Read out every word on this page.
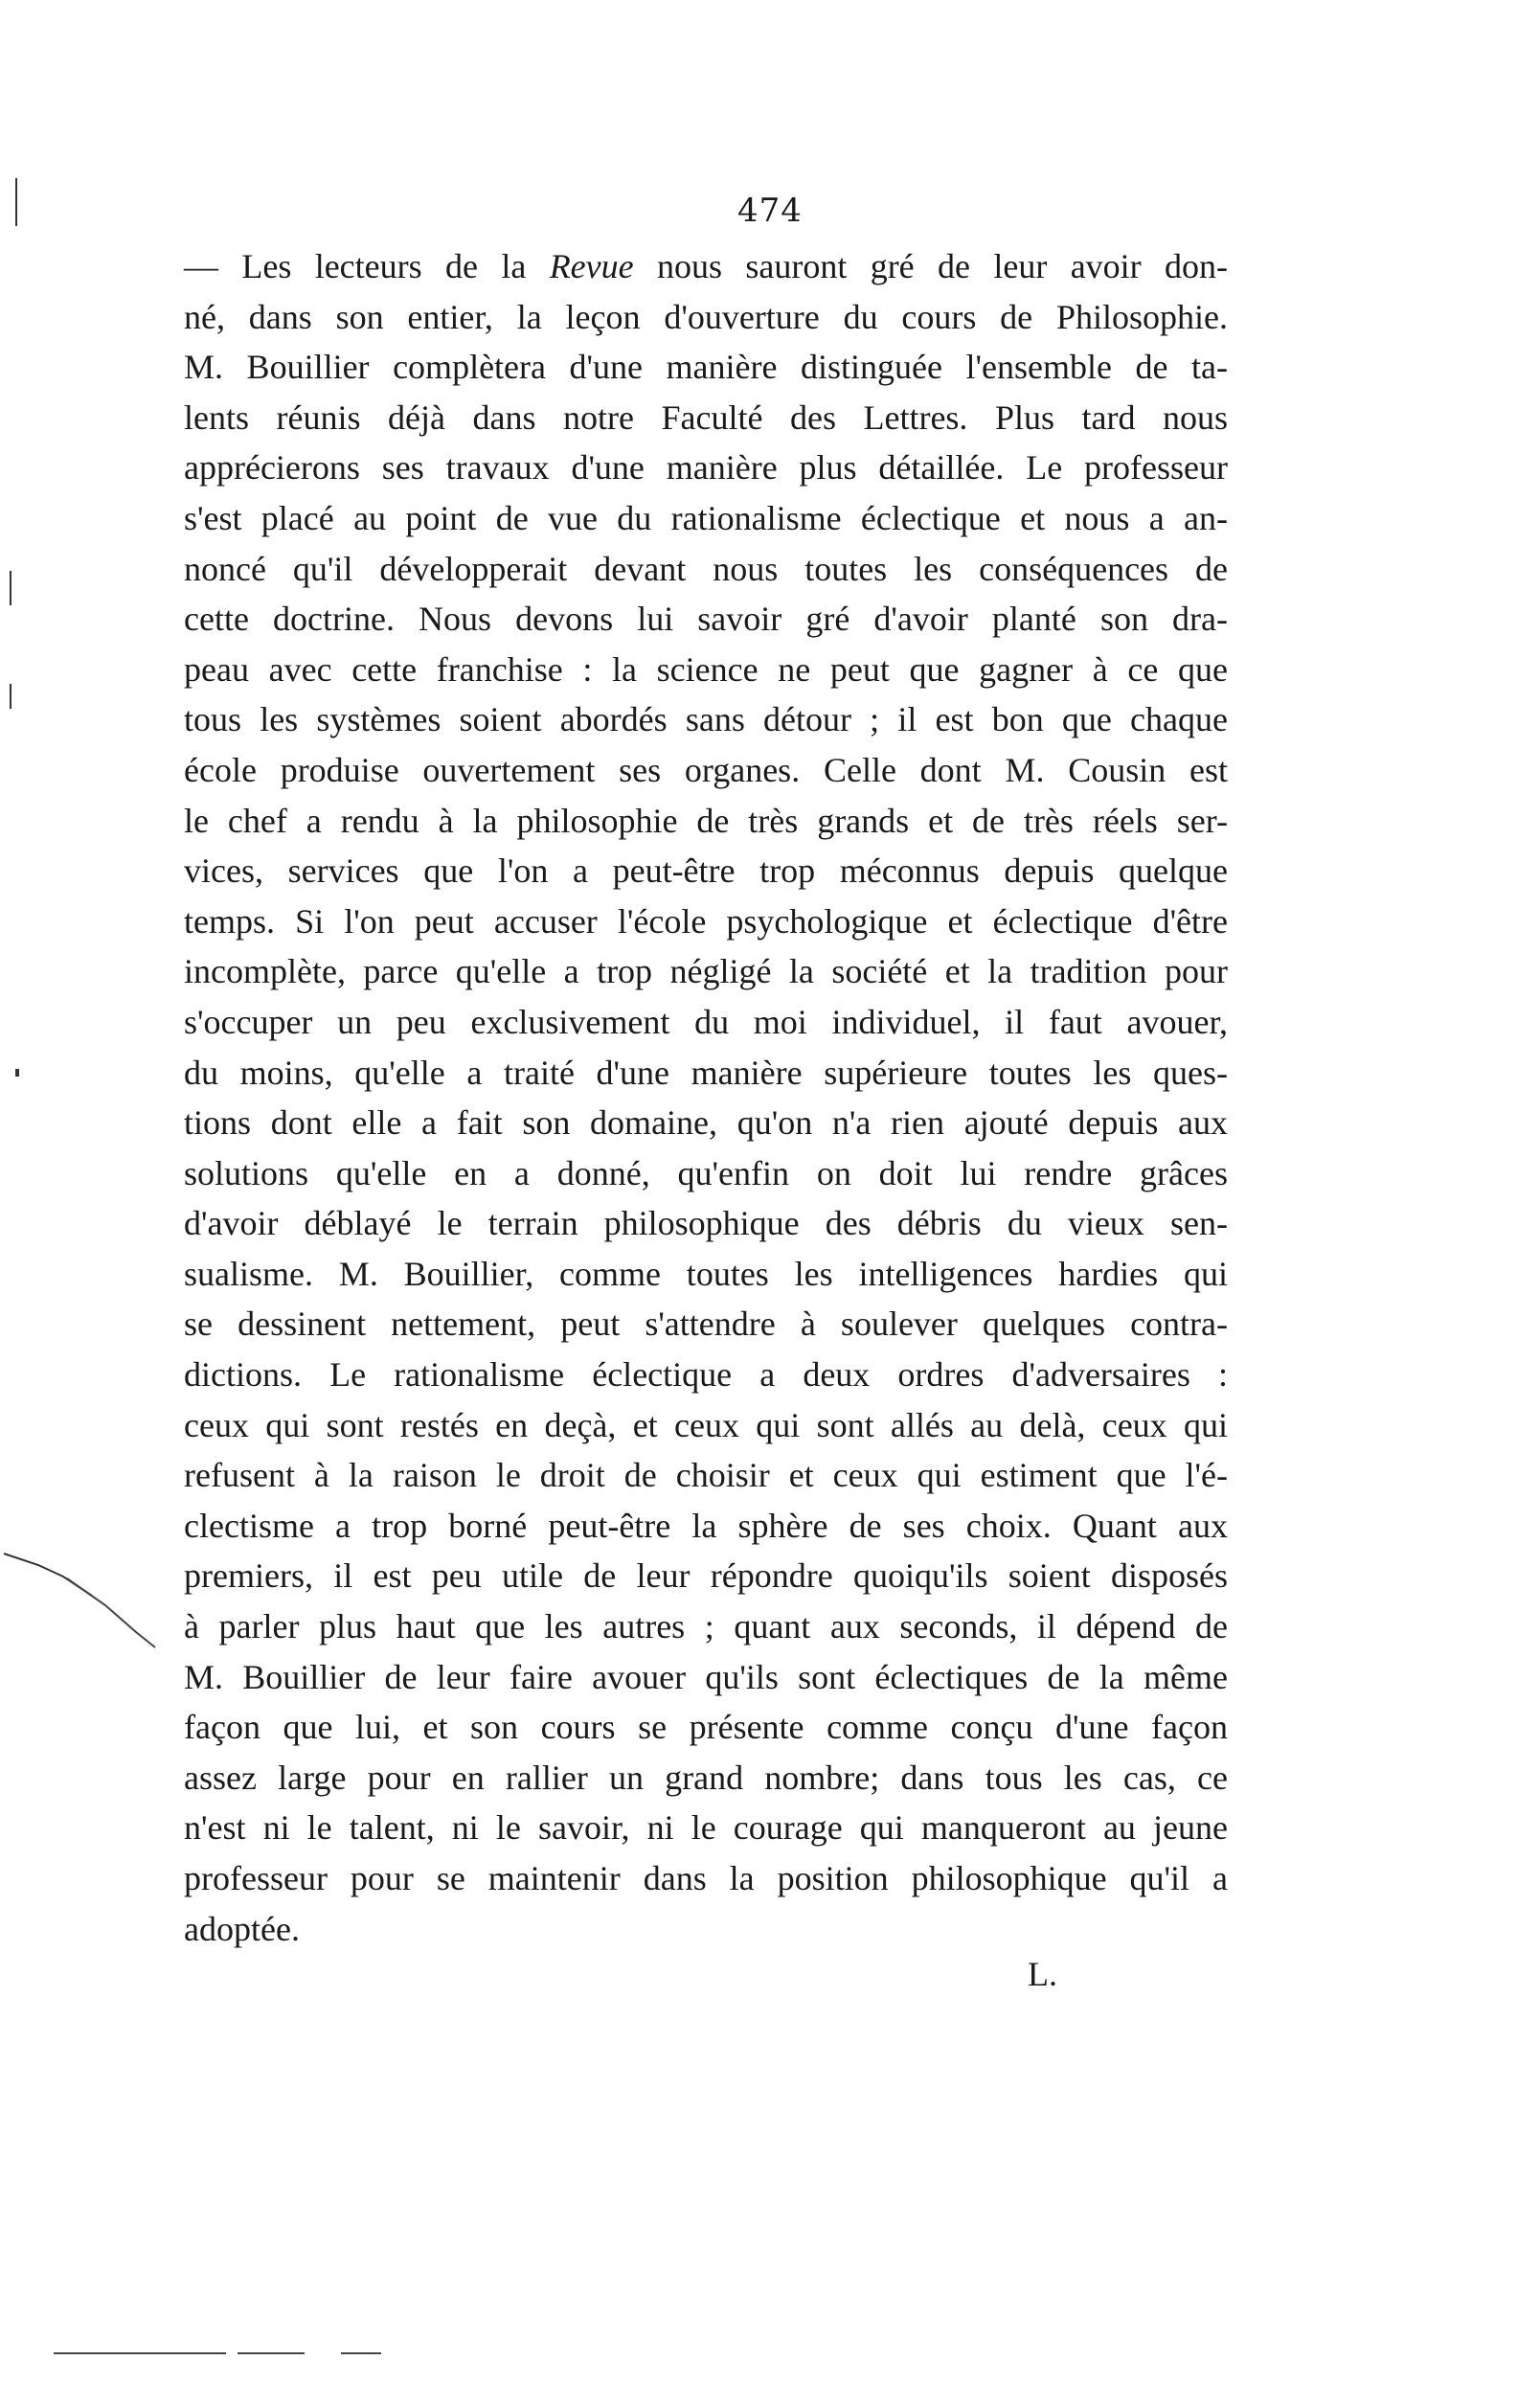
474
— Les lecteurs de la Revue nous sauront gré de leur avoir don-
né, dans son entier, la leçon d'ouverture du cours de Philosophie.
M. Bouillier complètera d'une manière distinguée l'ensemble de ta-
lents réunis déjà dans notre Faculté des Lettres. Plus tard nous
apprécierons ses travaux d'une manière plus détaillée. Le professeur
s'est placé au point de vue du rationalisme éclectique et nous a an-
noncé qu'il développerait devant nous toutes les conséquences de
cette doctrine. Nous devons lui savoir gré d'avoir planté son dra-
peau avec cette franchise : la science ne peut que gagner à ce que
tous les systèmes soient abordés sans détour ; il est bon que chaque
école produise ouvertement ses organes. Celle dont M. Cousin est
le chef a rendu à la philosophie de très grands et de très réels ser-
vices, services que l'on a peut-être trop méconnus depuis quelque
temps. Si l'on peut accuser l'école psychologique et éclectique d'être
incomplète, parce qu'elle a trop négligé la société et la tradition pour
s'occuper un peu exclusivement du moi individuel, il faut avouer,
du moins, qu'elle a traité d'une manière supérieure toutes les ques-
tions dont elle a fait son domaine, qu'on n'a rien ajouté depuis aux
solutions qu'elle en a donné, qu'enfin on doit lui rendre grâces
d'avoir déblayé le terrain philosophique des débris du vieux sen-
sualisme. M. Bouillier, comme toutes les intelligences hardies qui
se dessinent nettement, peut s'attendre à soulever quelques contra-
dictions. Le rationalisme éclectique a deux ordres d'adversaires :
ceux qui sont restés en deçà, et ceux qui sont allés au delà, ceux qui
refusent à la raison le droit de choisir et ceux qui estiment que l'é-
clectisme a trop borné peut-être la sphère de ses choix. Quant aux
premiers, il est peu utile de leur répondre quoiqu'ils soient disposés
à parler plus haut que les autres ; quant aux seconds, il dépend de
M. Bouillier de leur faire avouer qu'ils sont éclectiques de la même
façon que lui, et son cours se présente comme conçu d'une façon
assez large pour en rallier un grand nombre; dans tous les cas, ce
n'est ni le talent, ni le savoir, ni le courage qui manqueront au jeune
professeur pour se maintenir dans la position philosophique qu'il a
adoptée.
L.
